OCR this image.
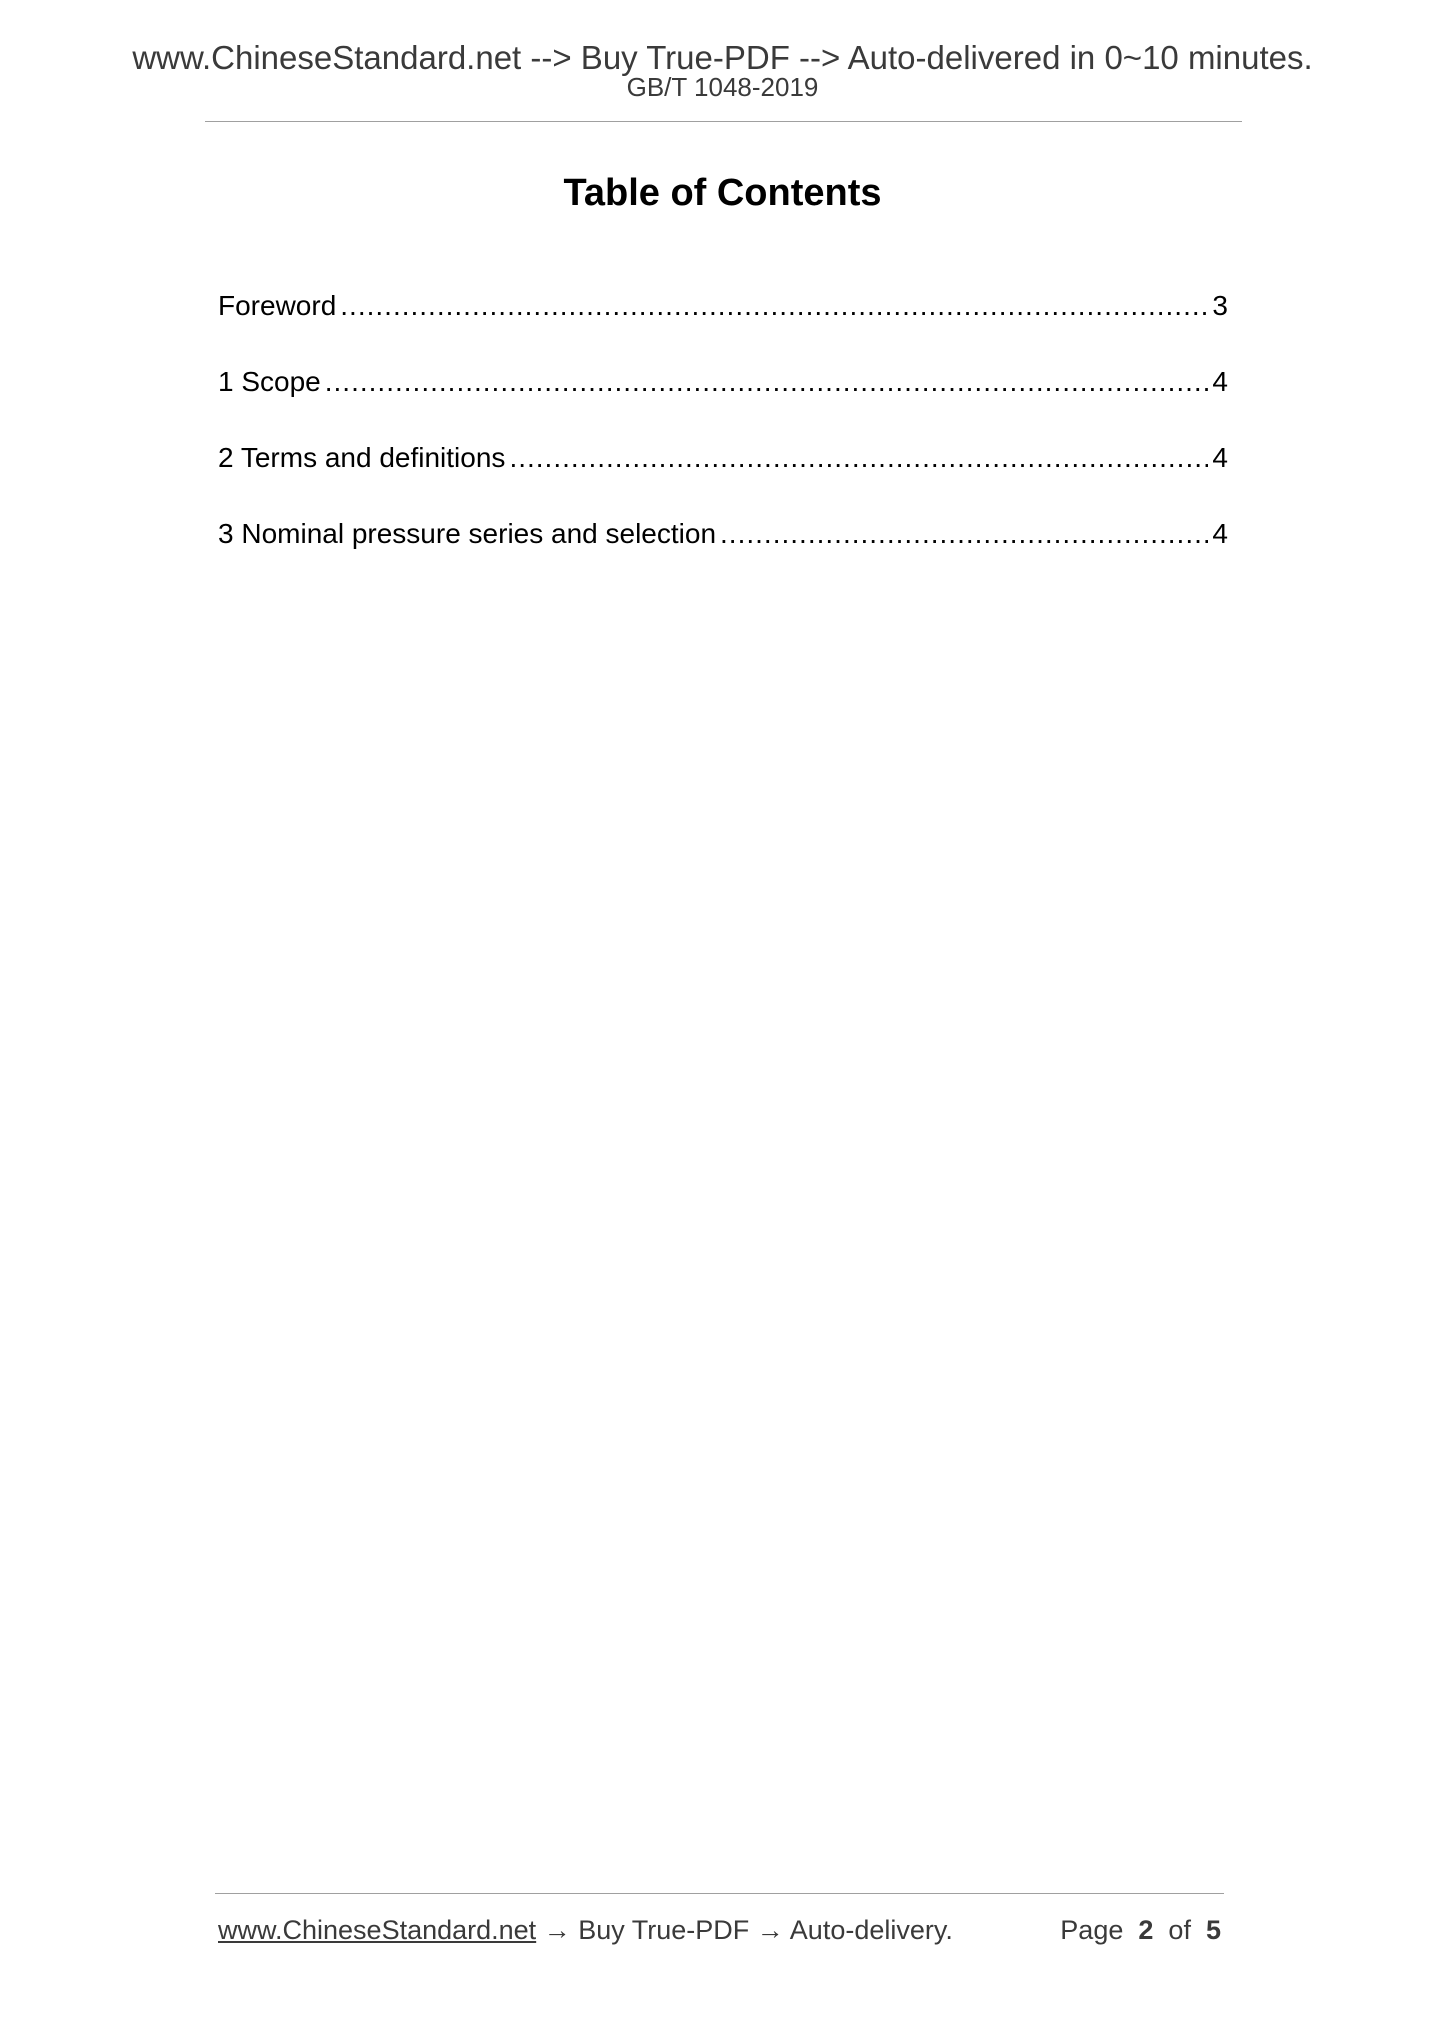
www.ChineseStandard.net --> Buy True-PDF --> Auto-delivered in 0~10 minutes.
GB/T 1048-2019
Table of Contents
Foreword .....	3
1 Scope .....	4
2 Terms and definitions .....	4
3 Nominal pressure series and selection .....	4
www.ChineseStandard.net → Buy True-PDF → Auto-delivery.	Page 2 of 5
